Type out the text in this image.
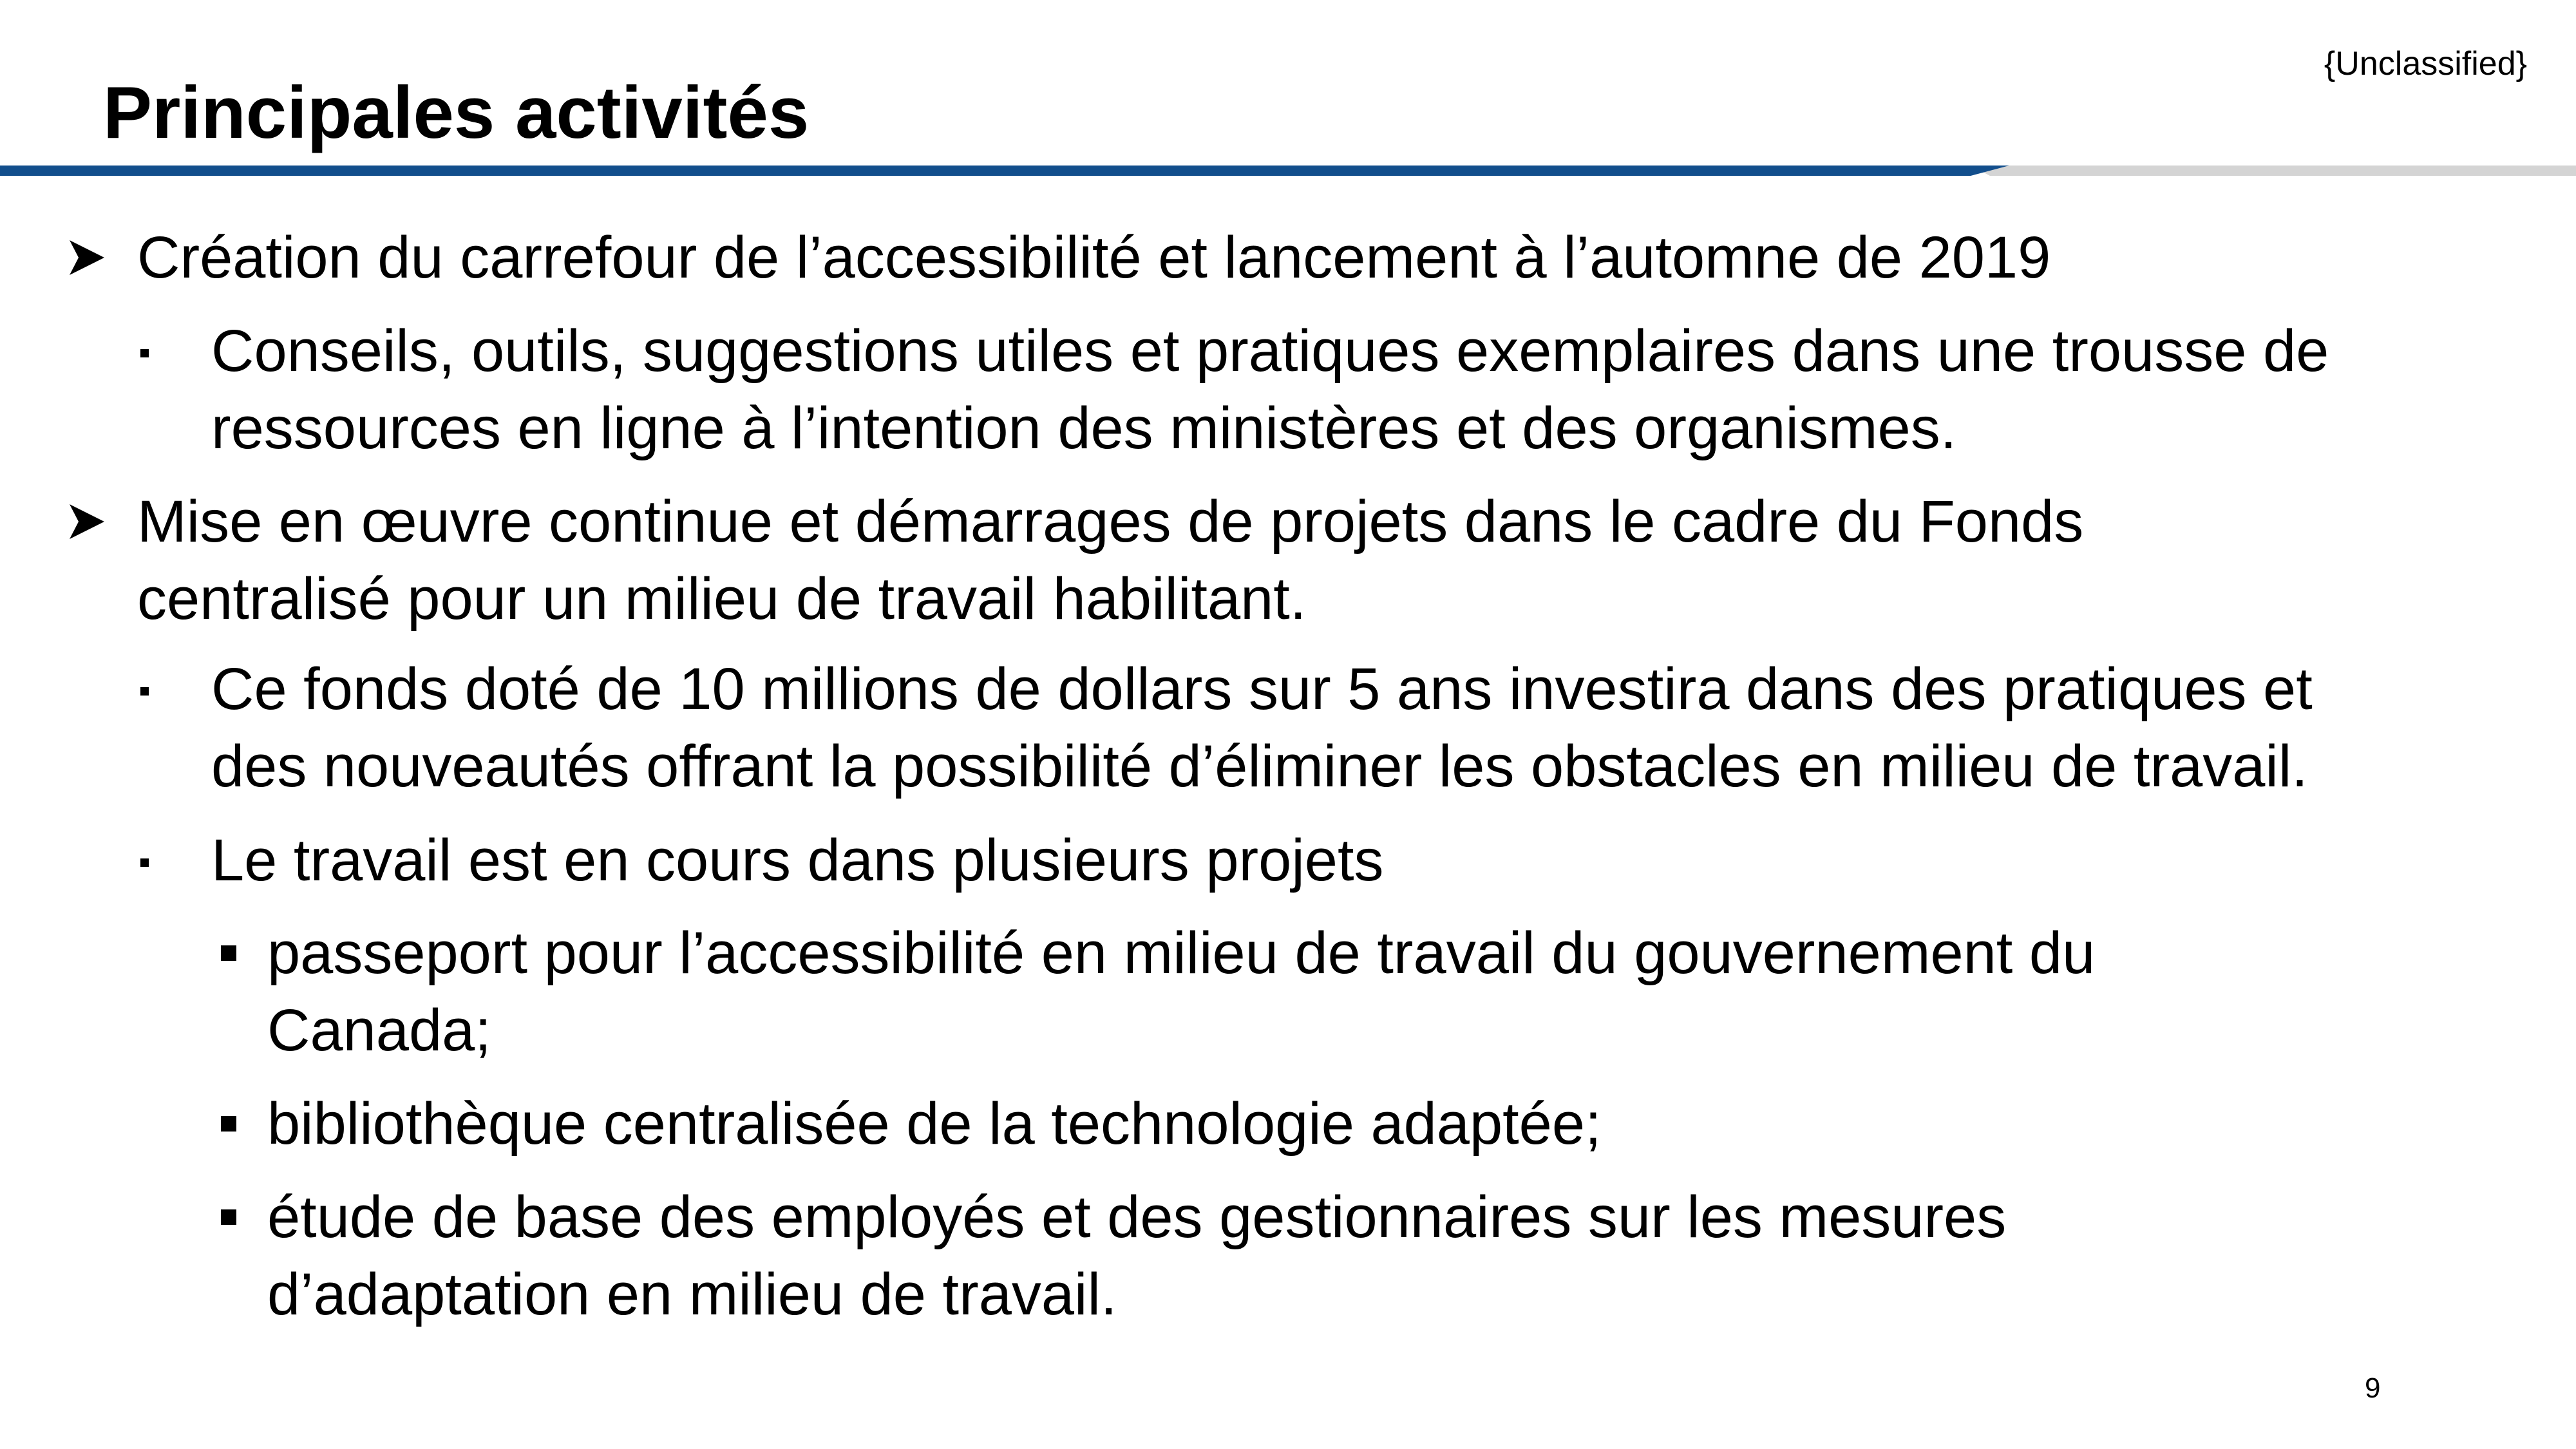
{Unclassified}
Principales activités
Création du carrefour de l’accessibilité et lancement à l’automne de 2019
Conseils, outils, suggestions utiles et pratiques exemplaires dans une trousse de
ressources en ligne à l’intention des ministères et des organismes.
Mise en œuvre continue et démarrages de projets dans le cadre du Fonds
centralisé pour un milieu de travail habilitant.
Ce fonds doté de 10 millions de dollars sur 5 ans investira dans des pratiques et
des nouveautés offrant la possibilité d’éliminer les obstacles en milieu de travail.
Le travail est en cours dans plusieurs projets
passeport pour l’accessibilité en milieu de travail du gouvernement du
Canada;
bibliothèque centralisée de la technologie adaptée;
étude de base des employés et des gestionnaires sur les mesures
d’adaptation en milieu de travail.
9
